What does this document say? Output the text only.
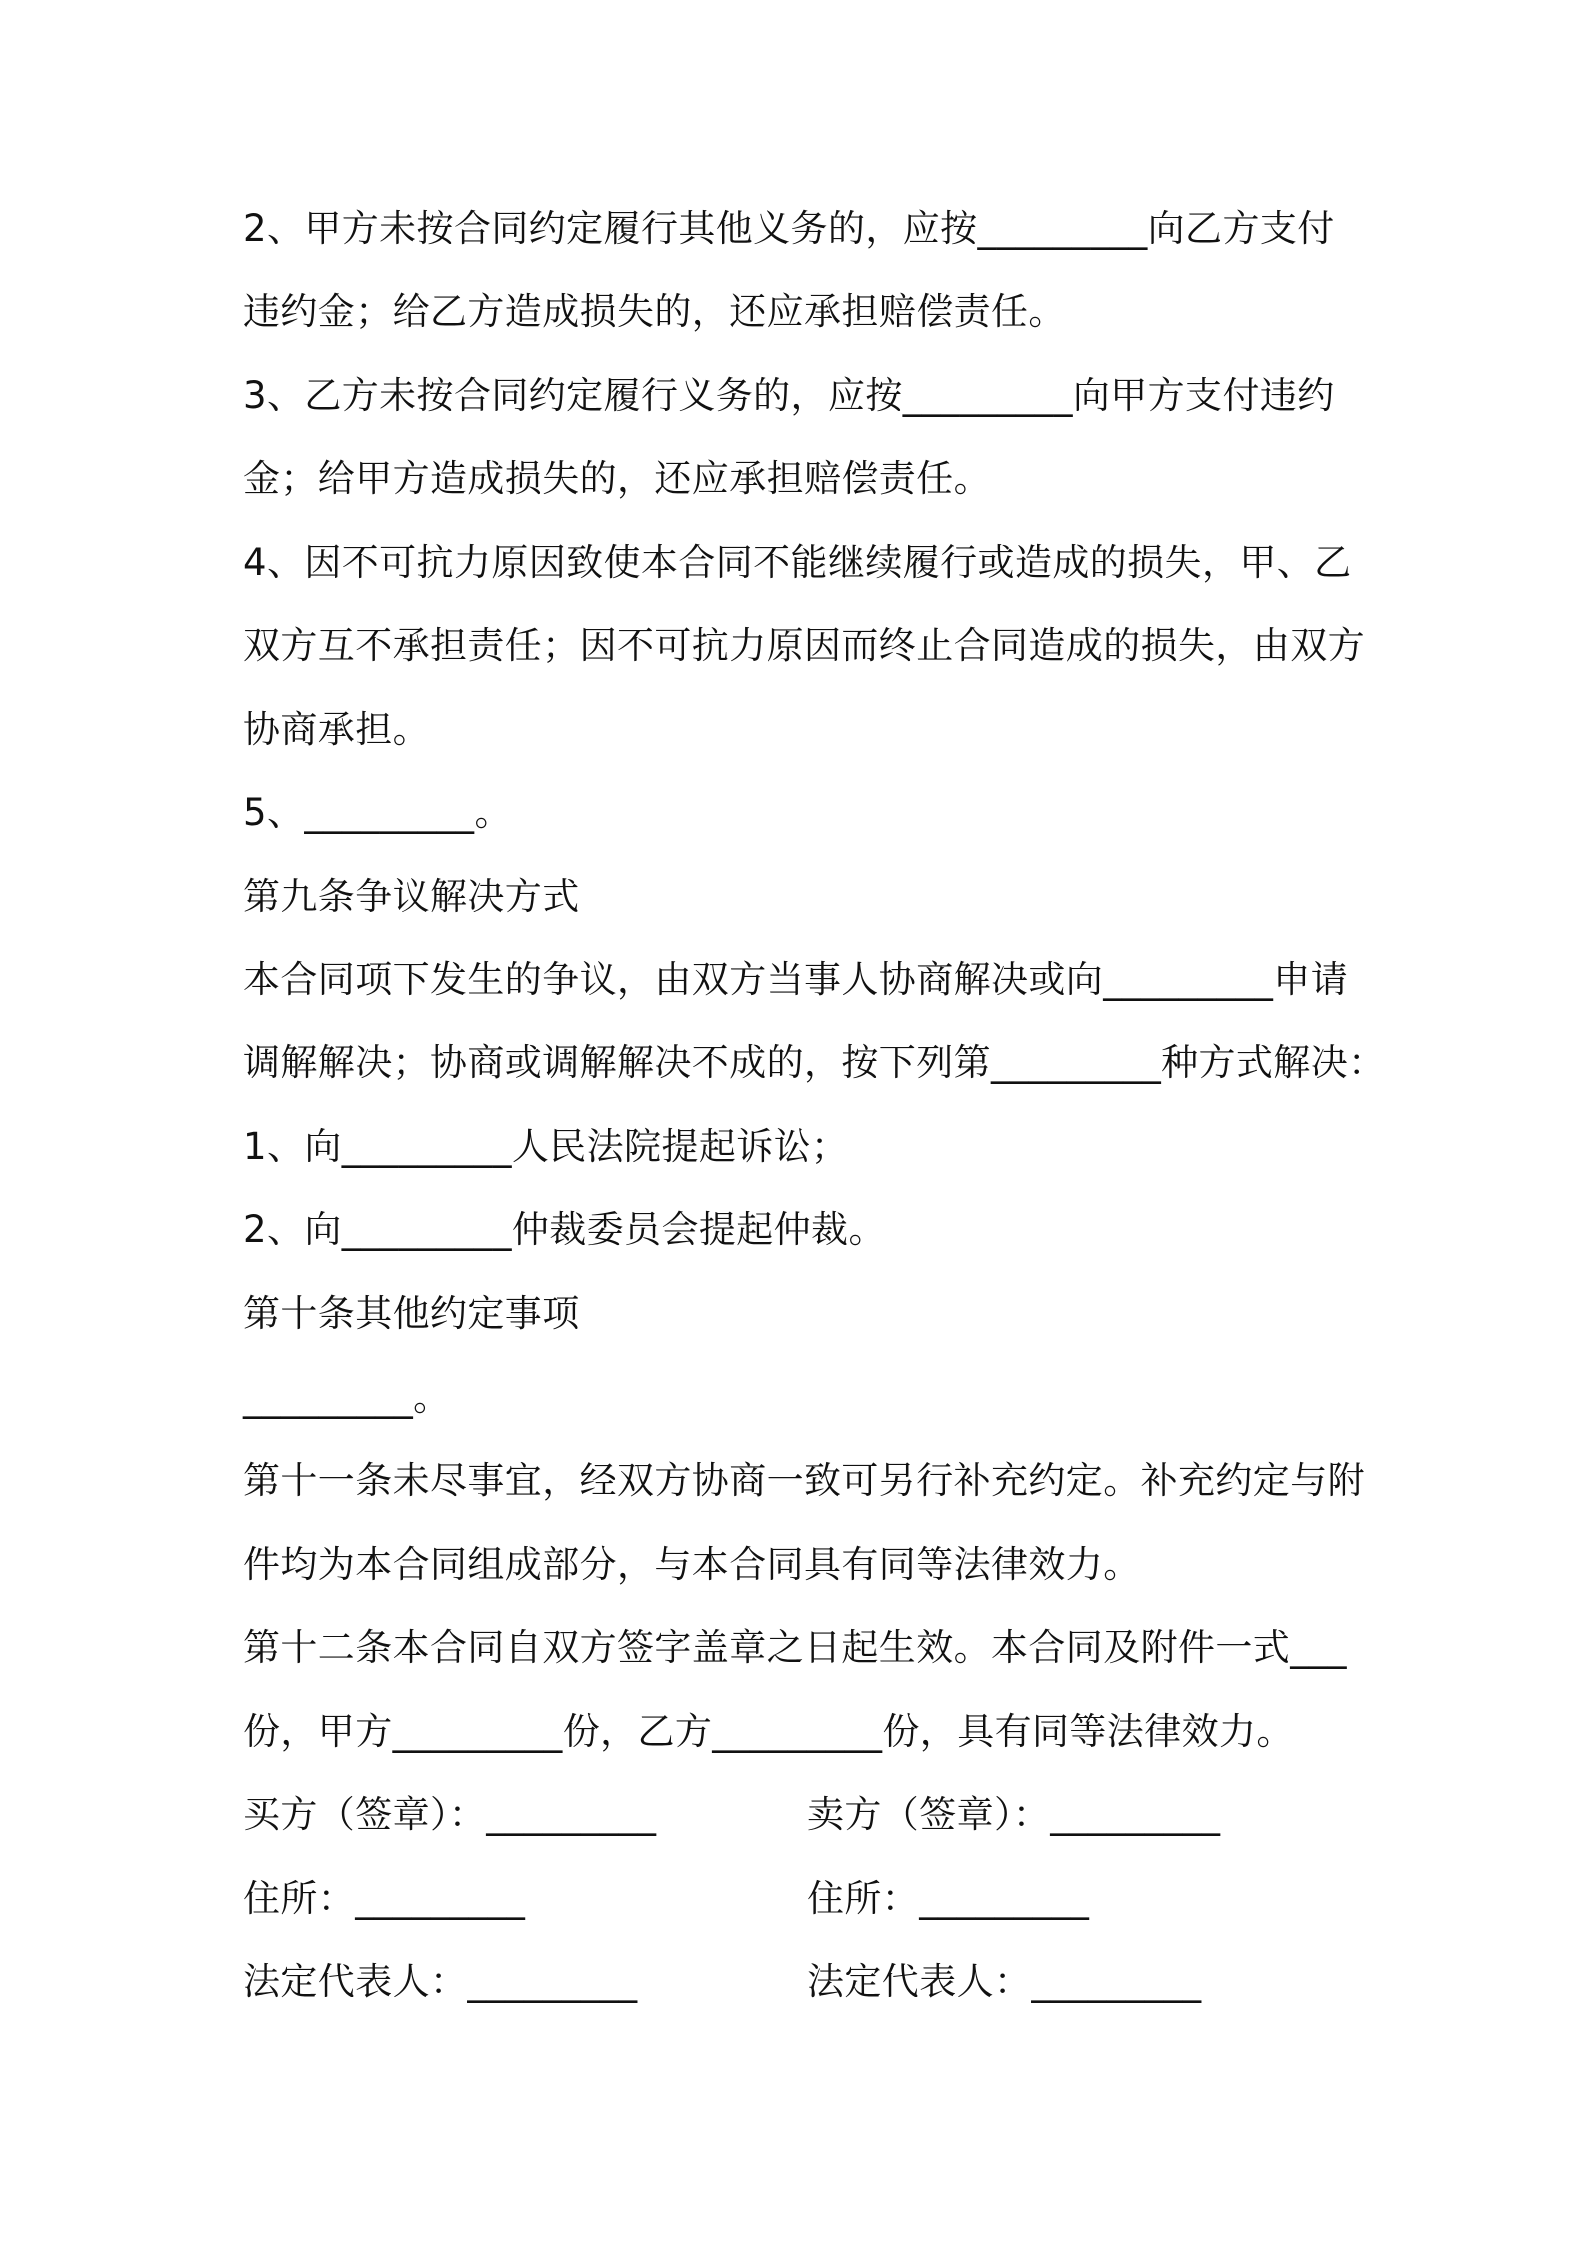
2、甲方未按合同约定履行其他义务的，应按_________向乙方支付
违约金；给乙方造成损失的，还应承担赔偿责任。
3、乙方未按合同约定履行义务的，应按_________向甲方支付违约
金；给甲方造成损失的，还应承担赔偿责任。
4、因不可抗力原因致使本合同不能继续履行或造成的损失，甲、乙
双方互不承担责任；因不可抗力原因而终止合同造成的损失，由双方
协商承担。
5、_________。
第九条争议解决方式
本合同项下发生的争议，由双方当事人协商解决或向_________申请
调解解决；协商或调解解决不成的，按下列第_________种方式解决：
1、向_________人民法院提起诉讼；
2、向_________仲裁委员会提起仲裁。
第十条其他约定事项
_________。
第十一条未尽事宜，经双方协商一致可另行补充约定。补充约定与附
件均为本合同组成部分，与本合同具有同等法律效力。
第十二条本合同自双方签字盖章之日起生效。本合同及附件一式___
份，甲方_________份，乙方_________份，具有同等法律效力。
买方（签章）：_________	卖方（签章）：_________
住所：_________	住所：_________
法定代表人：_________	法定代表人：_________
